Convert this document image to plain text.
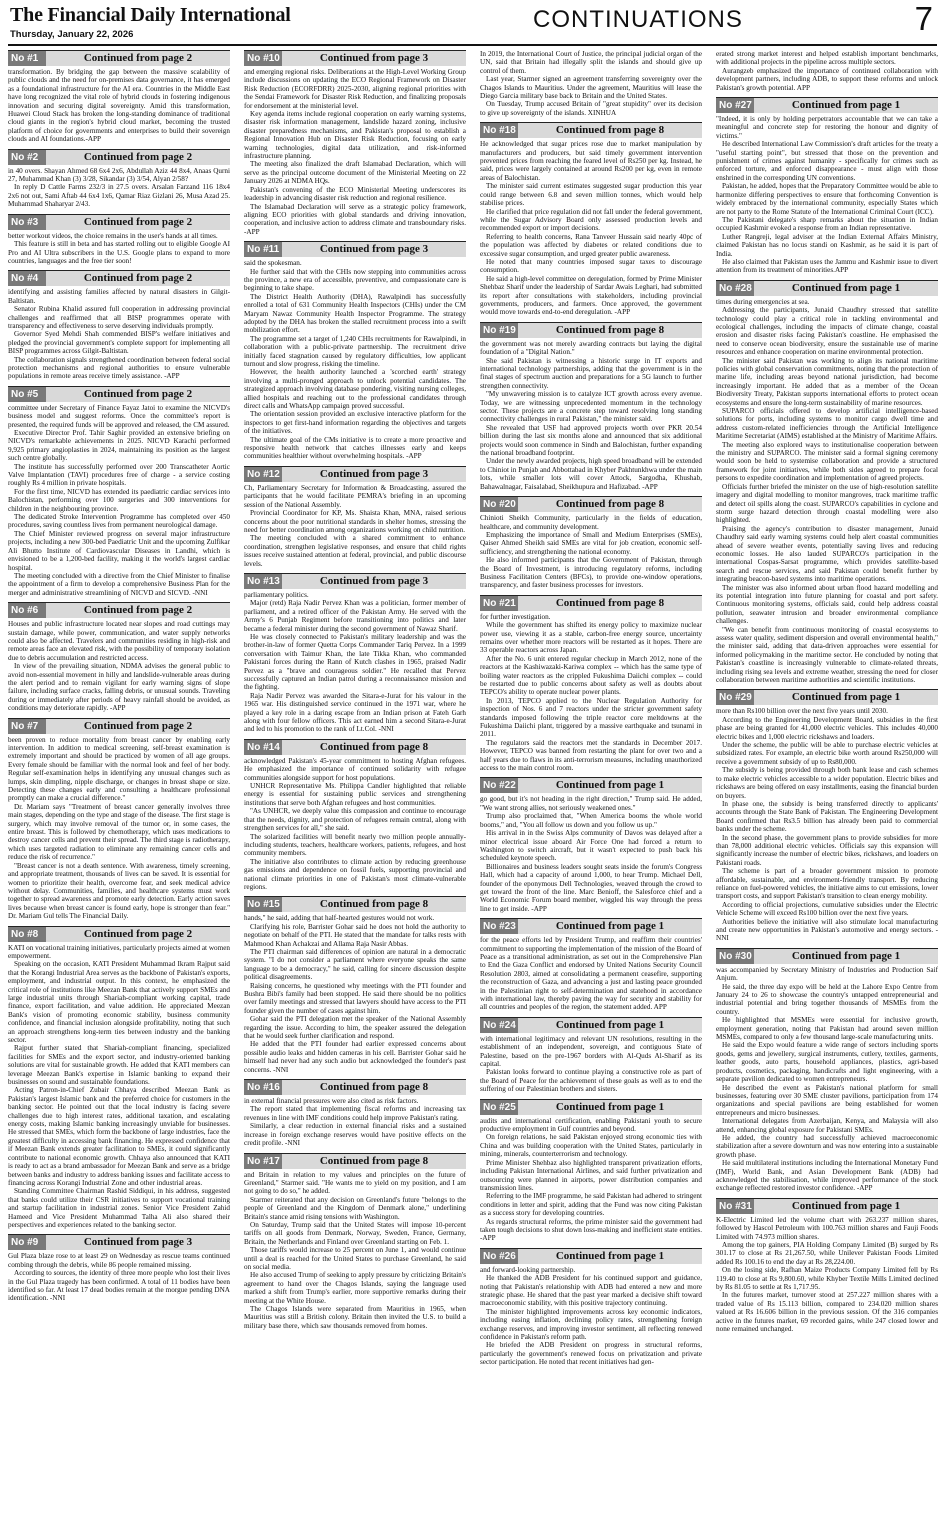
The Financial Daily International
Thursday, January 22, 2026
CONTINUATIONS	7
No #1	Continued from page 2

transformation. By bridging the gap between the massive scalability of public clouds and the need for on-premises data governance, it has emerged as a foundational infrastructure for the AI era. Countries in the Middle East have long recognized the vital role of hybrid clouds in fostering indigenous innovation and securing digital sovereignty. Amid this transformation, Huawei Cloud Stack has broken the long-standing dominance of traditional cloud giants in the region's hybrid cloud market, becoming the trusted platform of choice for governments and enterprises to build their sovereign clouds and AI foundations.-APP

No #2	Continued from page 2

in 40 overs. Shayan Ahmed 68 6x4 2x6, Abdullah Aziz 44 8x4, Anaas Qurni 27, Muhammad Khan (3) 3/28, Sikandar (3) 3/54, Alyan 2/58?

In reply D Cattle Farms 232/3 in 27.5 overs. Arsalan Farzand 116 18x4 2x6 not out, Sami Aftab 44 6x4 1x6, Qamar Riaz Gizlani 26, Musa Azad 25. Muhammad Shaharyar 2/43.

No #3	Continued from page 2

better workout videos, the choice remains in the user's hands at all times.

This feature is still in beta and has started rolling out to eligible Google AI Pro and AI Ultra subscribers in the U.S. Google plans to expand to more countries, languages and the free tier soon!

No #4	Continued from page 2

identifying and assisting families affected by natural disasters in Gilgit-Baltistan.

Senator Rubina Khalid assured full cooperation in addressing provincial challenges and reaffirmed that all BISP programmes operate with transparency and effectiveness to serve deserving individuals promptly.

Governor Syed Mehdi Shah commended BISP's welfare initiatives and pledged the provincial government's complete support for implementing all BISP programmes across Gilgit-Baltistan.

The collaboration signals strengthened coordination between federal social protection mechanisms and regional authorities to ensure vulnerable populations in remote areas receive timely assistance. -APP

No #5	Continued from page 2

committee under Secretary of Finance Fayaz Jatoi to examine the NICVD's business model and suggest reforms. Once the committee's report is presented, the required funds will be approved and released, the CM assured.

Executive Director Prof. Tahir Saghir provided an extensive briefing on NICVD's remarkable achievements in 2025. NICVD Karachi performed 9,925 primary angioplasties in 2024, maintaining its position as the largest such centre globally.

The institute has successfully performed over 200 Transcatheter Aortic Valve Implantation (TAVI) procedures free of charge - a service costing roughly Rs 4 million in private hospitals.

For the first time, NICVD has extended its paediatric cardiac services into Balochistan, performing over 100 surgeries and 300 interventions for children in the neighbouring province.

The dedicated Stroke Intervention Programme has completed over 450 procedures, saving countless lives from permanent neurological damage.

The Chief Minister reviewed progress on several major infrastructure projects, including a new 300-bed Paediatric Unit and the upcoming Zulfikar Ali Bhutto Institute of Cardiovascular Diseases in Landhi, which is envisioned to be a 1,200-bed facility, making it the world's largest cardiac hospital.

The meeting concluded with a directive from the Chief Minister to finalise the appointment of a firm to develop a comprehensive Business Plan for the merger and administrative streamlining of NICVD and SICVD. -NNI

No #6	Continued from page 2

Houses and public infrastructure located near slopes and road cuttings may sustain damage, while power, communication, and water supply networks could also be affected. Travelers and communities residing in high-risk and remote areas face an elevated risk, with the possibility of temporary isolation due to debris accumulation and restricted access.

In view of the prevailing situation, NDMA advises the general public to avoid non-essential movement in hilly and landslide-vulnerable areas during the alert period and to remain vigilant for early warning signs of slope failure, including surface cracks, falling debris, or unusual sounds. Traveling during or immediately after periods of heavy rainfall should be avoided, as conditions may deteriorate rapidly. -APP

No #7	Continued from page 2

been proven to reduce mortality from breast cancer by enabling early intervention. In addition to medical screening, self-breast examination is extremely important and should be practiced by women of all age groups. Every female should be familiar with the normal look and feel of her body. Regular self-examination helps in identifying any unusual changes such as lumps, skin dimpling, nipple discharge, or changes in breast shape or size. Detecting these changes early and consulting a healthcare professional promptly can make a crucial difference."

Dr. Mariam says "Treatment of breast cancer generally involves three main stages, depending on the type and stage of the disease. The first stage is surgery, which may involve removal of the tumor or, in some cases, the entire breast. This is followed by chemotherapy, which uses medications to destroy cancer cells and prevent their spread. The third stage is radiotherapy, which uses targeted radiation to eliminate any remaining cancer cells and reduce the risk of recurrence."

"Breast cancer is not a death sentence. With awareness, timely screening, and appropriate treatment, thousands of lives can be saved. It is essential for women to prioritize their health, overcome fear, and seek medical advice without delay. Communities, families, and healthcare systems must work together to spread awareness and promote early detection. Early action saves lives because when breast cancer is found early, hope is stronger than fear." Dr. Mariam Gul tells The Financial Daily.

No #8	Continued from page 2

KATI on vocational training initiatives, particularly projects aimed at women empowerment.

Speaking on the occasion, KATI President Muhammad Ikram Rajput said that the Korangi Industrial Area serves as the backbone of Pakistan's exports, employment, and industrial output. In this context, he emphasized the critical role of institutions like Meezan Bank that actively support SMEs and large industrial units through Shariah-compliant working capital, trade finance, export facilitation, and value addition. He appreciated Meezan Bank's vision of promoting economic stability, business community confidence, and financial inclusion alongside profitability, noting that such an approach strengthens long-term ties between industry and the banking sector.

Rajput further stated that Shariah-compliant financing, specialized facilities for SMEs and the export sector, and industry-oriented banking solutions are vital for sustainable growth. He added that KATI members can leverage Meezan Bank's expertise in Islamic banking to expand their businesses on sound and sustainable foundations.

Acting Patron-in-Chief Zubair Chhaya described Meezan Bank as Pakistan's largest Islamic bank and the preferred choice for customers in the banking sector. He pointed out that the local industry is facing severe challenges due to high interest rates, additional taxation, and escalating energy costs, making Islamic banking increasingly unviable for businesses. He stressed that SMEs, which form the backbone of large industries, face the greatest difficulty in accessing bank financing. He expressed confidence that if Meezan Bank extends greater facilitation to SMEs, it could significantly contribute to national economic growth. Chhaya also announced that KATI is ready to act as a brand ambassador for Meezan Bank and serve as a bridge between banks and industry to address banking issues and facilitate access to financing across Korangi Industrial Zone and other industrial areas.

Standing Committee Chairman Rashid Siddiqui, in his address, suggested that banks could utilize their CSR initiatives to support vocational training and startup facilitation in industrial zones. Senior Vice President Zahid Hameed and Vice President Muhammad Talha Ali also shared their perspectives and experiences related to the banking sector.

No #9	Continued from page 3

Gul Plaza blaze rose to at least 29 on Wednesday as rescue teams continued combing through the debris, while 86 people remained missing.

According to sources, the identity of three more people who lost their lives in the Gul Plaza tragedy has been confirmed. A total of 11 bodies have been identified so far. At least 17 dead bodies remain at the morgue pending DNA identification. -NNI

No #10	Continued from page 3

and emerging regional risks. Deliberations at the High-Level Working Group include discussions on updating the ECO Regional Framework on Disaster Risk Reduction (ECORFDRR) 2025-2030, aligning regional priorities with the Sendai Framework for Disaster Risk Reduction, and finalizing proposals for endorsement at the ministerial level.

Key agenda items include regional cooperation on early warning systems, disaster risk information management, landslide hazard zoning, inclusive disaster preparedness mechanisms, and Pakistan's proposal to establish a Regional Innovation Hub on Disaster Risk Reduction, focusing on early warning technologies, digital data utilization, and risk-informed infrastructure planning.

The meeting also finalized the draft Islamabad Declaration, which will serve as the principal outcome document of the Ministerial Meeting on 22 January 2026 at NDMA HQs.

Pakistan's convening of the ECO Ministerial Meeting underscores its leadership in advancing disaster risk reduction and regional resilience.

The Islamabad Declaration will serve as a strategic policy framework, aligning ECO priorities with global standards and driving innovation, cooperation, and inclusive action to address climate and transboundary risks. -APP

No #11	Continued from page 3

said the spokesman.

He further said that with the CHIs now stepping into communities across the province, a new era of accessible, preventive, and compassionate care is beginning to take shape.

The District Health Authority (DHA), Rawalpindi has successfully enrolled a total of 631 Community Health Inspectors (CHIs) under the CM Maryam Nawaz Community Health Inspector Programme. The strategy adopted by the DHA has broken the stalled recruitment process into a swift mobilization effort.

The programme set a target of 1,240 CHIs recruitments for Rawalpindi, in collaboration with a public-private partnership. The recruitment drive initially faced stagnation caused by regulatory difficulties, low applicant turnout and slow progress, risking the timeline.

However, the health authority launched a 'scorched earth' strategy involving a multi-pronged approach to unlock potential candidates. The strategized approach involving database pondering, visiting nursing colleges, allied hospitals and reaching out to the professional candidates through direct calls and WhatsApp campaign proved successful.

The orientation session provided an exclusive interactive platform for the inspectors to get first-hand information regarding the objectives and targets of the initiatives.

The ultimate goal of the CMs initiative is to create a more proactive and responsive health network that catches illnesses early and keeps communities healthier without overwhelming hospitals. -APP

No #12	Continued from page 3

Ch, Parliamentary Secretary for Information & Broadcasting, assured the participants that he would facilitate PEMRA's briefing in an upcoming session of the National Assembly.

Provincial Coordinator for KP, Ms. Shaista Khan, MNA, raised serious concerns about the poor nutritional standards in shelter homes, stressing the need for better coordination among organizations working on child nutrition.

The meeting concluded with a shared commitment to enhance coordination, strengthen legislative responses, and ensure that child rights issues receive sustained attention at federal, provincial, and public discourse levels.

No #13	Continued from page 3

parliamentary politics.

Major (retd) Raja Nadir Pervez Khan was a politician, former member of parliament, and a retired officer of the Pakistan Army. He served with the Army's 6 Punjab Regiment before transitioning into politics and later became a federal minister during the second government of Nawaz Sharif.

He was closely connected to Pakistan's military leadership and was the brother-in-law of former Quetta Corps Commander Tariq Pervez. In a 1999 conversation with Taimur Khan, the late Tikka Khan, who commanded Pakistani forces during the Rann of Kutch clashes in 1965, praised Nadir Pervez as a "brave and courageous soldier." He recalled that Pervez successfully captured an Indian patrol during a reconnaissance mission and the fighting.

Raja Nadir Pervez was awarded the Sitara-e-Jurat for his valour in the 1965 war. His distinguished service continued in the 1971 war, where he played a key role in a daring escape from an Indian prison at Fateh Garh along with four fellow officers. This act earned him a second Sitara-e-Jurat and led to his promotion to the rank of Lt.Col. -NNI

No #14	Continued from page 8

acknowledged Pakistan's 45-year commitment to hosting Afghan refugees. He emphasized the importance of continued solidarity with refugee communities alongside support for host populations.

UNHCR Representative Ms. Philippa Candler highlighted that reliable energy is essential for sustaining public services and strengthening institutions that serve both Afghan refugees and host communities.

"As UNHCR, we deeply value this compassion and continue to encourage that the needs, dignity, and protection of refugees remain central, along with strengthen services for all," she said.

The solarized facilities will benefit nearly two million people annually-including students, teachers, healthcare workers, patients, refugees, and host community members.

The initiative also contributes to climate action by reducing greenhouse gas emissions and dependence on fossil fuels, supporting provincial and national climate priorities in one of Pakistan's most climate-vulnerable regions.

No #15	Continued from page 8

hands," he said, adding that half-hearted gestures would not work.

Clarifying his role, Barrister Gohar said he does not hold the authority to negotiate on behalf of the PTI. He stated that the mandate for talks rests with Mahmood Khan Achakzai and Allama Raja Nasir Abbas.

The PTI chairman said differences of opinion are natural in a democratic system. "I do not consider a parliament where everyone speaks the same language to be a democracy," he said, calling for sincere discussion despite political disagreements.

Raising concerns, he questioned why meetings with the PTI founder and Bushra Bibi's family had been stopped. He said there should be no politics over family meetings and stressed that lawyers should have access to the PTI founder given the number of cases against him.

Gohar said the PTI delegation met the speaker of the National Assembly regarding the issue. According to him, the speaker assured the delegation that he would seek further clarification and respond.

He added that the PTI founder had earlier expressed concerns about possible audio leaks and hidden cameras in his cell. Barrister Gohar said he himself had never had any such audio but acknowledged the founder's past concerns. -NNI

No #16	Continued from page 8

in external financial pressures were also cited as risk factors.

The report stated that implementing fiscal reforms and increasing tax revenues in line with IMF conditions could help improve Pakistan's rating.

Similarly, a clear reduction in external financial risks and a sustained increase in foreign exchange reserves would have positive effects on the credit profile. -NNI

No #17	Continued from page 8

and Britain in relation to my values and principles on the future of Greenland," Starmer said. "He wants me to yield on my position, and I am not going to do so," he added.

Starmer reiterated that any decision on Greenland's future "belongs to the people of Greenland and the Kingdom of Denmark alone," underlining Britain's stance amid rising tensions with Washington.

On Saturday, Trump said that the United States will impose 10-percent tariffs on all goods from Denmark, Norway, Sweden, France, Germany, Britain, the Netherlands and Finland over Greenland starting on Feb. 1.

Those tariffs would increase to 25 percent on June 1, and would continue until a deal is reached for the United States to purchase Greenland, he said on social media.

He also accused Trump of seeking to apply pressure by criticizing Britain's agreement to hand over the Chagos Islands, saying the language used marked a shift from Trump's earlier, more supportive remarks during their meeting at the White House.

The Chagos Islands were separated from Mauritius in 1965, when Mauritius was still a British colony. Britain then invited the U.S. to build a military base there, which saw thousands removed from homes.

In 2019, the International Court of Justice, the principal judicial organ of the UN, said that Britain had illegally split the islands and should give up control of them.

Last year, Starmer signed an agreement transferring sovereignty over the Chagos Islands to Mauritius. Under the agreement, Mauritius will lease the Diego Garcia military base back to Britain and the United States.

On Tuesday, Trump accused Britain of "great stupidity" over its decision to give up sovereignty of the islands. XINHUA

No #18	Continued from page 8

He acknowledged that sugar prices rose due to market manipulation by manufacturers and producers, but said timely government intervention prevented prices from reaching the feared level of Rs250 per kg. Instead, he said, prices were largely contained at around Rs200 per kg, even in remote areas of Balochistan.

The minister said current estimates suggested sugar production this year could range between 6.8 and seven million tonnes, which would help stabilise prices.

He clarified that price regulation did not fall under the federal government, while the Sugar Advisory Board only assessed production levels and recommended export or import decisions.

Referring to health concerns, Rana Tanveer Hussain said nearly 40pc of the population was affected by diabetes or related conditions due to excessive sugar consumption, and urged greater public awareness.

He noted that many countries imposed sugar taxes to discourage consumption.

He said a high-level committee on deregulation, formed by Prime Minister Shehbaz Sharif under the leadership of Sardar Awais Leghari, had submitted its report after consultations with stakeholders, including provincial governments, producers, and farmers. Once approved, the government would move towards end-to-end deregulation. -APP

No #19	Continued from page 8

the government was not merely awarding contracts but laying the digital foundation of a "Digital Nation."

She said Pakistan is witnessing a historic surge in IT exports and international technology partnerships, adding that the government is in the final stages of spectrum auction and preparations for a 5G launch to further strengthen connectivity.

"My unwavering mission is to catalyze ICT growth across every avenue. Today, we are witnessing unprecedented momentum in the technology sector. These projects are a concrete step toward resolving long standing connectivity challenges in rural Pakistan," the minister said.

She revealed that USF had approved projects worth over PKR 20.54 billion during the last six months alone and announced that six additional projects would soon commence in Sindh and Balochistan, further expanding the national broadband footprint.

Under the newly awarded projects, high speed broadband will be extended to Chiniot in Punjab and Abbottabad in Khyber Pakhtunkhwa under the main lots, while smaller lots will cover Attock, Sargodha, Khushab, Bahawalnagar, Faisalabad, Sheikhupura and Hafizabad. -APP

No #20	Continued from page 8

Chinioti Sheikh Community, particularly in the fields of education, healthcare, and community development.

Emphasizing the importance of Small and Medium Enterprises (SMEs), Qaiser Ahmed Sheikh said SMEs are vital for job creation, economic self-sufficiency, and strengthening the national economy.

He also informed participants that the Government of Pakistan, through the Board of Investment, is introducing regulatory reforms, including Business Facilitation Centers (BFCs), to provide one-window operations, transparency, and faster business processes for investors.

No #21	Continued from page 8

for further investigation.

While the government has shifted its energy policy to maximize nuclear power use, viewing it as a stable, carbon-free energy source, uncertainty remains over whether more reactors will be restarted as it hopes. There are 33 operable reactors across Japan.

After the No. 6 unit entered regular checkup in March 2012, none of the reactors at the Kashiwazaki-Kariwa complex -- which has the same type of boiling water reactors as the crippled Fukushima Daiichi complex -- could be restarted due to public concerns about safety as well as doubts about TEPCO's ability to operate nuclear power plants.

In 2013, TEPCO applied to the Nuclear Regulation Authority for inspection of Nos. 6 and 7 reactors under the stricter government safety standards imposed following the triple reactor core meltdowns at the Fukushima Daiichi plant, triggered by a massive earthquake and tsunami in 2011.

The regulators said the reactors met the standards in December 2017. However, TEPCO was banned from restarting the plant for over two and a half years due to flaws in its anti-terrorism measures, including unauthorized access to the main control room.

No #22	Continued from page 1

go good, but it's not heading in the right direction," Trump said. He added, "We want strong allies, not seriously weakened ones."

Trump also proclaimed that, "When America booms the whole world booms," and, "You all follow us down and you follow us up."

His arrival in in the Swiss Alps community of Davos was delayed after a minor electrical issue aboard Air Force One had forced a return to Washington to switch aircraft, but it wasn't expected to push back his scheduled keynote speech.

Billionaires and business leaders sought seats inside the forum's Congress Hall, which had a capacity of around 1,000, to hear Trump. Michael Dell, founder of the eponymous Dell Technologies, weaved through the crowd to get toward the front of the line. Marc Benioff, the Salesforce chief and a World Economic Forum board member, wiggled his way through the press line to get inside. -APP

No #23	Continued from page 1

for the peace efforts led by President Trump, and reaffirm their countries' commitment to supporting the implementation of the mission of the Board of Peace as a transitional administration, as set out in the Comprehensive Plan to End the Gaza Conflict and endorsed by United Nations Security Council Resolution 2803, aimed at consolidating a permanent ceasefire, supporting the reconstruction of Gaza, and advancing a just and lasting peace grounded in the Palestinian right to self-determination and statehood in accordance with international law, thereby paving the way for security and stability for all countries and peoples of the region, the statement added. APP

No #24	Continued from page 1

with international legitimacy and relevant UN resolutions, resulting in the establishment of an independent, sovereign, and contiguous State of Palestine, based on the pre-1967 borders with Al-Quds Al-Sharif as its capital.

Pakistan looks forward to continue playing a constructive role as part of the Board of Peace for the achievement of these goals as well as to end the suffering of our Palestinian brothers and sisters.

No #25	Continued from page 1

audits and international certification, enabling Pakistani youth to secure productive employment in Gulf countries and beyond.

On foreign relations, he said Pakistan enjoyed strong economic ties with China and was building cooperation with the United States, particularly in mining, minerals, counterterrorism and technology.

Prime Minister Shehbaz also highlighted transparent privatization efforts, including Pakistan International Airlines, and said further privatization and outsourcing were planned in airports, power distribution companies and transmission lines.

Referring to the IMF programme, he said Pakistan had adhered to stringent conditions in letter and spirit, adding that the Fund was now citing Pakistan as a success story for developing countries.

As regards structural reforms, the prime minister said the government had taken tough decisions to shut down loss-making and inefficient state entities. -APP

No #26	Continued from page 1

and forward-looking partnership.

He thanked the ADB President for his continued support and guidance, noting that Pakistan's relationship with ADB had entered a new and more strategic phase. He shared that the past year marked a decisive shift toward macroeconomic stability, with this positive trajectory continuing.

The minister highlighted improvements across key economic indicators, including easing inflation, declining policy rates, strengthening foreign exchange reserves, and improving investor sentiment, all reflecting renewed confidence in Pakistan's reform path.

He briefed the ADB President on progress in structural reforms, particularly the government's renewed focus on privatization and private sector participation. He noted that recent initiatives had gen-

erated strong market interest and helped establish important benchmarks, with additional projects in the pipeline across multiple sectors.

Aurangzeb emphasized the importance of continued collaboration with development partners, including ADB, to support these reforms and unlock Pakistan's growth potential. APP

No #27	Continued from page 1

"Indeed, it is only by holding perpetrators accountable that we can take a meaningful and concrete step for restoring the honour and dignity of victims."

He described International Law Commission's draft articles for the treaty a "useful starting point", but stressed that those on the prevention and punishment of crimes against humanity - specifically for crimes such as enforced torture, and enforced disappearance - must align with those enshrined in the corresponding UN conventions.

Pakistan, he added, hopes that the Preparatory Committee would be able to harmonize differing perspectives to ensure that forthcoming Convention is widely embraced by the international community, especially States which are not party to the Rome Statute of the International Criminal Court (ICC).

The Pakistani delegate's sharp remarks about the situation in Indian occupied Kashmir evoked a response from an Indian representative.

Luther Rangreji, legal adviser at the Indian External Affairs Ministry, claimed Pakistan has no locus standi on Kashmir, as he said it is part of India.

He also claimed that Pakistan uses the Jammu and Kashmir issue to divert attention from its treatment of minorities.APP

No #28	Continued from page 1

times during emergencies at sea.

Addressing the participants, Junaid Chaudhry stressed that satellite technology could play a critical role in tackling environmental and ecological challenges, including the impacts of climate change, coastal erosion and disaster risks facing Pakistan's coastline. He emphasised the need to conserve ocean biodiversity, ensure the sustainable use of marine resources and enhance cooperation on marine environmental protection.

The minister said Pakistan was working to align its national maritime policies with global conservation commitments, noting that the protection of marine life, including areas beyond national jurisdiction, had become increasingly important. He added that as a member of the Ocean Biodiversity Treaty, Pakistan supports international efforts to protect ocean ecosystems and ensure the long-term sustainability of marine resources.

SUPARCO officials offered to develop artificial intelligence-based solutions for ports, including systems to monitor cargo dwell time and address custom-related inefficiencies through the Artificial Intelligence Maritime Secretariat (AIMS) established at the Ministry of Maritime Affairs.

The meeting also explored ways to institutionalise cooperation between the ministry and SUPARCO. The minister said a formal signing ceremony would soon be held to systemise collaboration and provide a structured framework for joint initiatives, while both sides agreed to prepare focal persons to expedite coordination and implementation of agreed projects.

Officials further briefed the minister on the use of high-resolution satellite imagery and digital modelling to monitor mangroves, track maritime traffic and detect oil spills along the coast. SUPARCO's capabilities in cyclone and storm surge hazard detection through coastal modelling were also highlighted.

Praising the agency's contribution to disaster management, Junaid Chaudhry said early warning systems could help alert coastal communities ahead of severe weather events, potentially saving lives and reducing economic losses. He also lauded SUPARCO's participation in the international Cospas-Sarsat programme, which provides satellite-based search and rescue services, and said Pakistan could benefit further by integrating beacon-based systems into maritime operations.

The minister was also informed about urban flood hazard modelling and its potential integration into future planning for coastal and port safety. Continuous monitoring systems, officials said, could help address coastal pollution, seawater intrusion and broader environmental compliance challenges.

"We can benefit from continuous monitoring of coastal ecosystems to assess water quality, sediment dispersion and overall environmental health," the minister said, adding that data-driven approaches were essential for informed policymaking in the maritime sector. He concluded by noting that Pakistan's coastline is increasingly vulnerable to climate-related threats, including rising sea levels and extreme weather, stressing the need for closer collaboration between maritime authorities and scientific institutions.

No #29	Continued from page 1

more than Rs100 billion over the next five years until 2030.

According to the Engineering Development Board, subsidies in the first phase are being granted for 41,000 electric vehicles. This includes 40,000 electric bikes and 1,000 electric rickshaws and loaders.

Under the scheme, the public will be able to purchase electric vehicles at subsidized rates. For example, an electric bike worth around Rs250,000 will receive a government subsidy of up to Rs80,000.

The subsidy is being provided through both bank lease and cash schemes to make electric vehicles accessible to a wider population. Electric bikes and rickshaws are being offered on easy installments, easing the financial burden on buyers.

In phase one, the subsidy is being transferred directly to applicants' accounts through the State Bank of Pakistan. The Engineering Development Board confirmed that Rs3.5 billion has already been paid to commercial banks under the scheme.

In the second phase, the government plans to provide subsidies for more than 78,000 additional electric vehicles. Officials say this expansion will significantly increase the number of electric bikes, rickshaws, and loaders on Pakistani roads.

The scheme is part of a broader government mission to promote affordable, sustainable, and environment-friendly transport. By reducing reliance on fuel-powered vehicles, the initiative aims to cut emissions, lower transport costs, and support Pakistan's transition to clean energy mobility.

According to official projections, cumulative subsidies under the Electric Vehicle Scheme will exceed Rs100 billion over the next five years.

Authorities believe the initiative will also stimulate local manufacturing and create new opportunities in Pakistan's automotive and energy sectors. -NNI

No #30	Continued from page 1

was accompanied by Secretary Ministry of Industries and Production Saif Anjum.

He said, the three day expo will be held at the Lahore Expo Centre from January 24 to 26 to showcase the country's untapped entrepreneurial and industrial potential and bring together thousands of MSMEs from the country.

He highlighted that MSMEs were essential for inclusive growth, employment generation, noting that Pakistan had around seven million MSMEs, compared to only a few thousand large-scale manufacturing units.

He said the Expo would feature a wide range of sectors including sports goods, gems and jewellery, surgical instruments, cutlery, textiles, garments, leather goods, auto parts, household appliances, plastics, agri-based products, cosmetics, packaging, handicrafts and light engineering, with a separate pavilion dedicated to women entrepreneurs.

He described the event as Pakistan's national platform for small businesses, featuring over 30 SME cluster pavilions, participation from 174 organizations and special pavilions are being established for women entrepreneurs and micro businesses.

International delegates from Azerbaijan, Kenya, and Malaysia will also attend, enhancing global exposure for Pakistani SMEs.

He added, the country had successfully achieved macroeconomic stabilization after a severe downturn and was now entering into a sustainable growth phase.

He said multilateral institutions including the International Monetary Fund (IMF), World Bank, and Asian Development Bank (ADB) had acknowledged the stabilisation, while improved performance of the stock exchange reflected restored investor confidence. -APP

No #31	Continued from page 1

K-Electric Limited led the volume chart with 263.237 million shares, followed by Hascol Petroleum with 100.763 million shares and Fauji Foods Limited with 74.973 million shares.

Among the top gainers, PIA Holding Company Limited (B) surged by Rs 301.17 to close at Rs 21,267.50, while Unilever Pakistan Foods Limited added Rs 100.16 to end the day at Rs 28,224.00.

On the losing side, Rafhan Maize Products Company Limited fell by Rs 119.40 to close at Rs 9,800.60, while Khyber Textile Mills Limited declined by Rs 81.05 to settle at Rs 1,717.95.

In the futures market, turnover stood at 257.227 million shares with a traded value of Rs 15.113 billion, compared to 234.020 million shares valued at Rs 16.606 billion in the previous session. Of the 316 companies active in the futures market, 69 recorded gains, while 247 closed lower and none remained unchanged.
